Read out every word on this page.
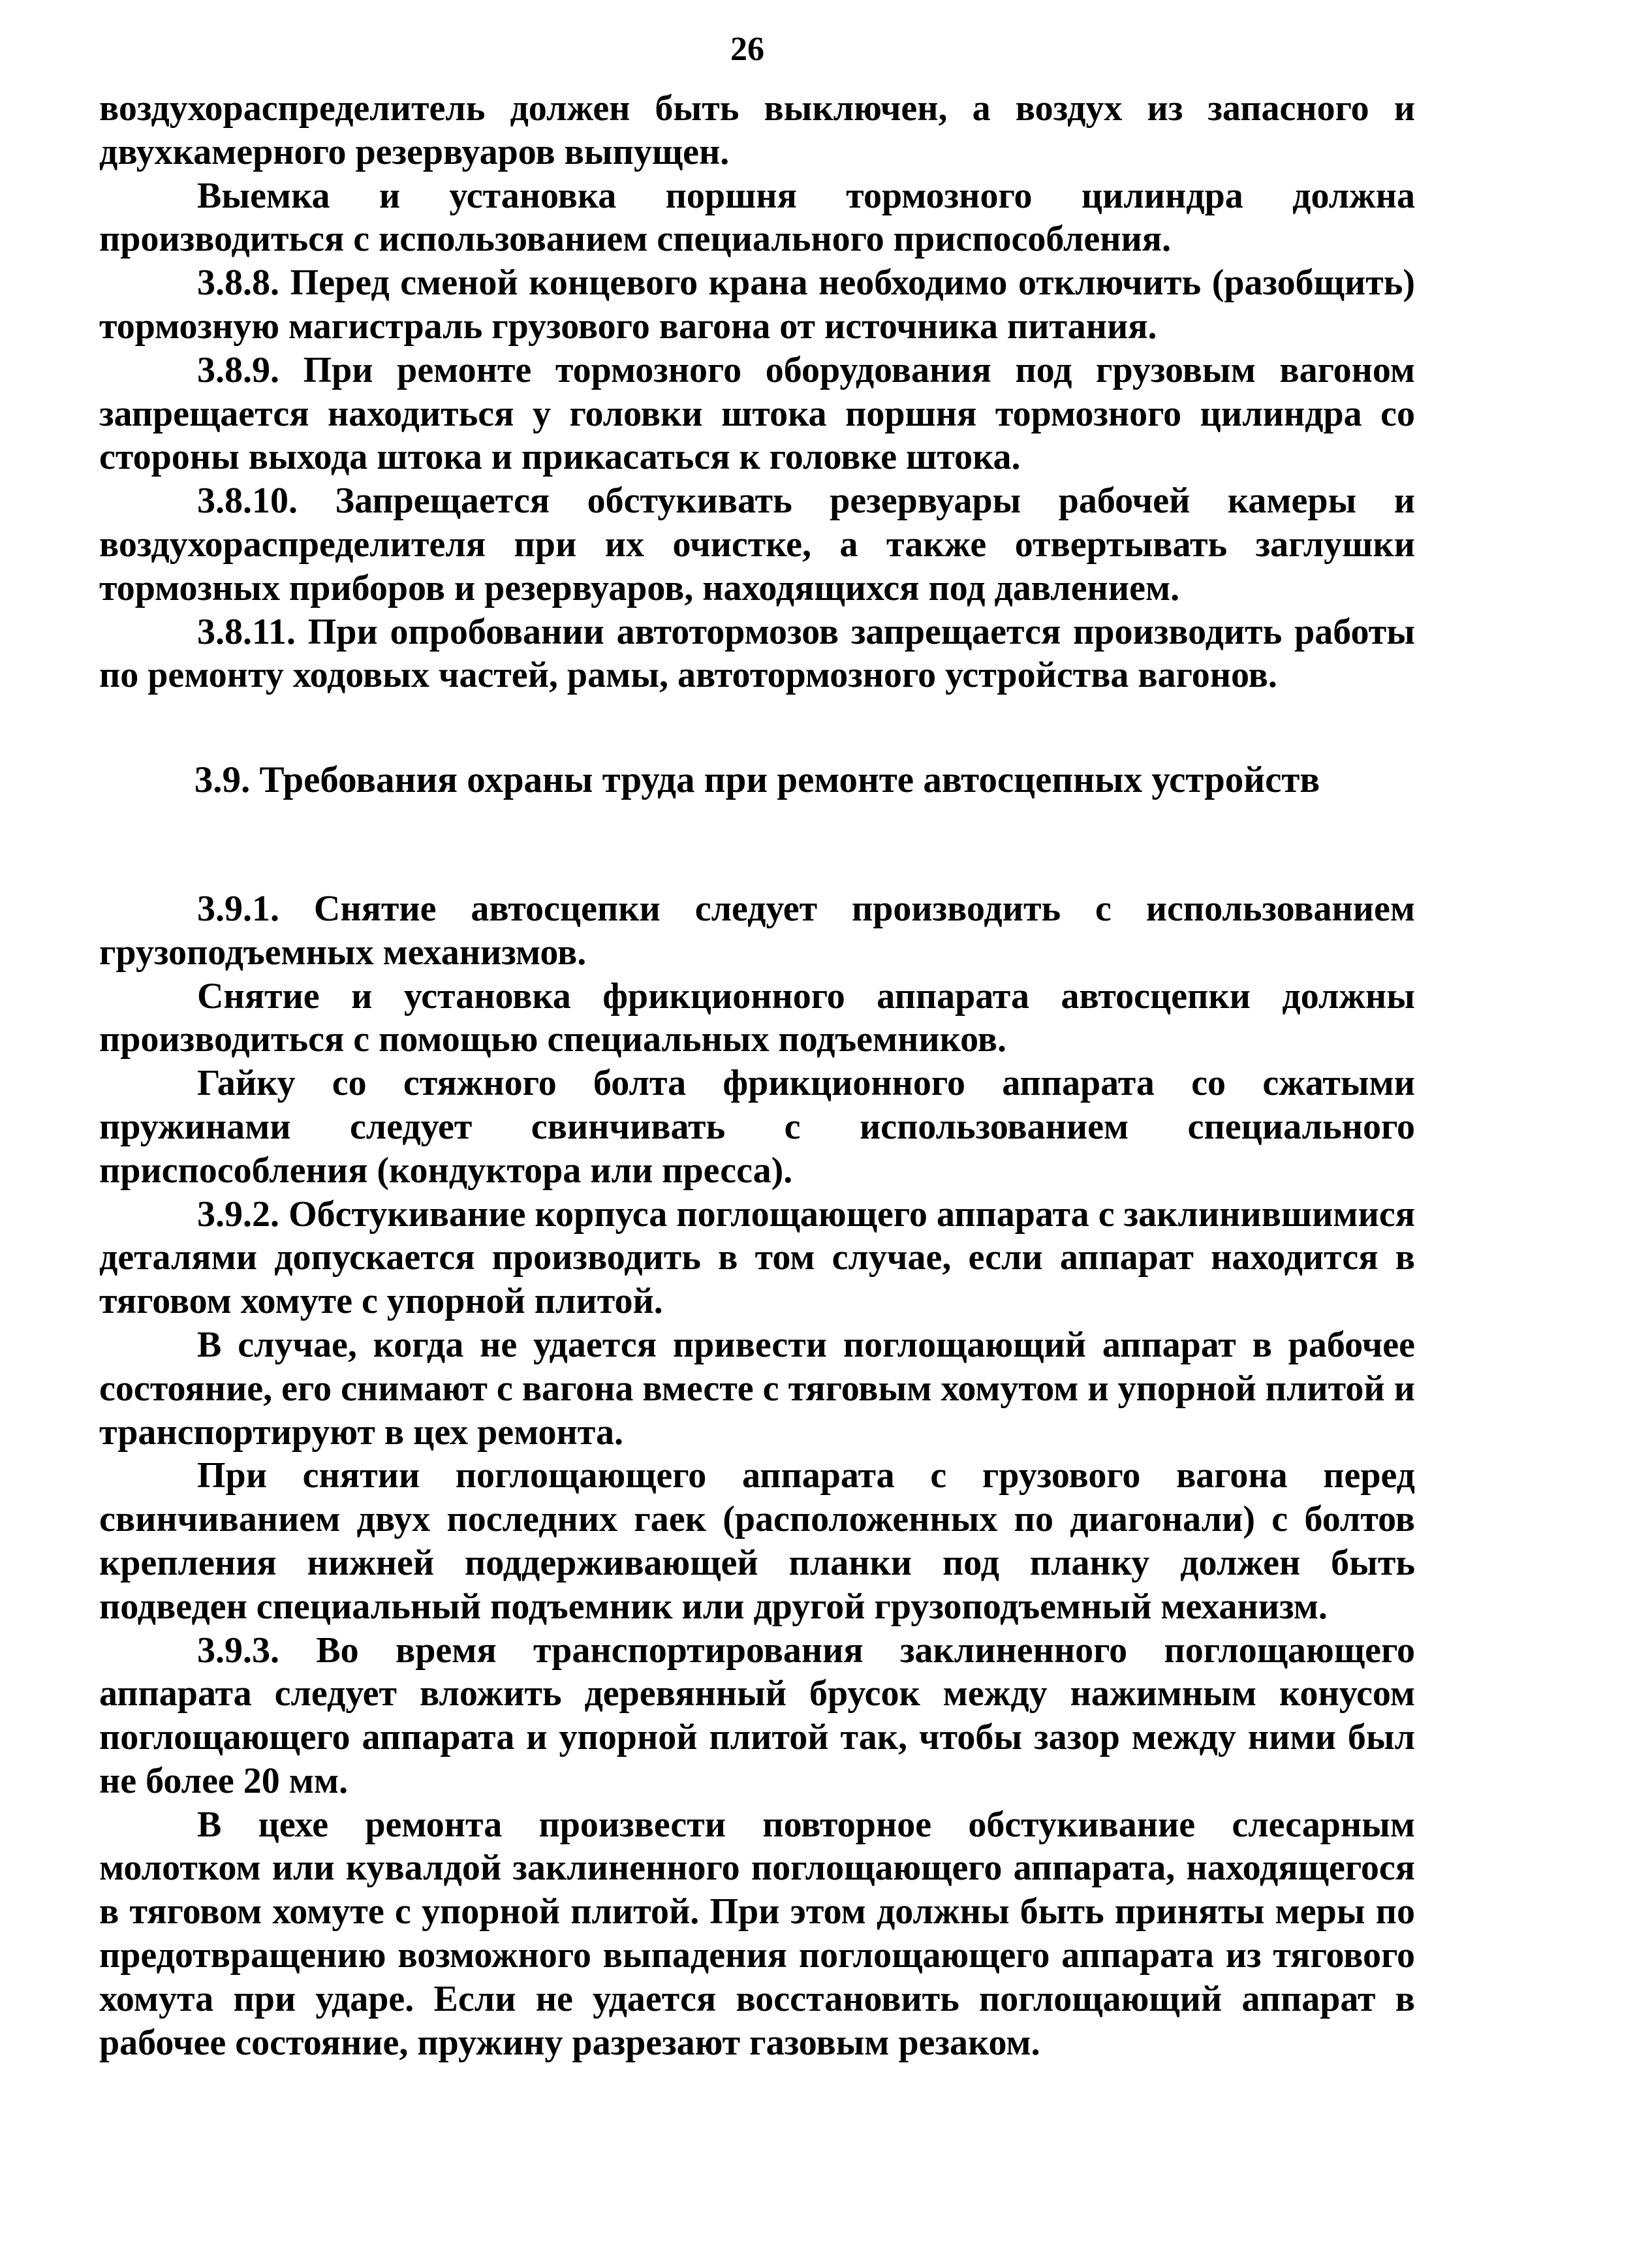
26

воздухораспределитель должен быть выключен, а воздух из запасного и двухкамерного резервуаров выпущен.

Выемка и установка поршня тормозного цилиндра должна производиться с использованием специального приспособления.

3.8.8. Перед сменой концевого крана необходимо отключить (разобщить) тормозную магистраль грузового вагона от источника питания.

3.8.9. При ремонте тормозного оборудования под грузовым вагоном запрещается находиться у головки штока поршня тормозного цилиндра со стороны выхода штока и прикасаться к головке штока.

3.8.10. Запрещается обстукивать резервуары рабочей камеры и воздухораспределителя при их очистке, а также отвертывать заглушки тормозных приборов и резервуаров, находящихся под давлением.

3.8.11. При опробовании автотормозов запрещается производить работы по ремонту ходовых частей, рамы, автотормозного устройства вагонов.

3.9. Требования охраны труда при ремонте автосцепных устройств

3.9.1. Снятие автосцепки следует производить с использованием грузоподъемных механизмов.

Снятие и установка фрикционного аппарата автосцепки должны производиться с помощью специальных подъемников.

Гайку со стяжного болта фрикционного аппарата со сжатыми пружинами следует свинчивать с использованием специального приспособления (кондуктора или пресса).

3.9.2. Обстукивание корпуса поглощающего аппарата с заклинившимися деталями допускается производить в том случае, если аппарат находится в тяговом хомуте с упорной плитой.

В случае, когда не удается привести поглощающий аппарат в рабочее состояние, его снимают с вагона вместе с тяговым хомутом и упорной плитой и транспортируют в цех ремонта.

При снятии поглощающего аппарата с грузового вагона перед свинчиванием двух последних гаек (расположенных по диагонали) с болтов крепления нижней поддерживающей планки под планку должен быть подведен специальный подъемник или другой грузоподъемный механизм.

3.9.3. Во время транспортирования заклиненного поглощающего аппарата следует вложить деревянный брусок между нажимным конусом поглощающего аппарата и упорной плитой так, чтобы зазор между ними был не более 20 мм.

В цехе ремонта произвести повторное обстукивание слесарным молотком или кувалдой заклиненного поглощающего аппарата, находящегося в тяговом хомуте с упорной плитой. При этом должны быть приняты меры по предотвращению возможного выпадения поглощающего аппарата из тягового хомута при ударе. Если не удается восстановить поглощающий аппарат в рабочее состояние, пружину разрезают газовым резаком.
